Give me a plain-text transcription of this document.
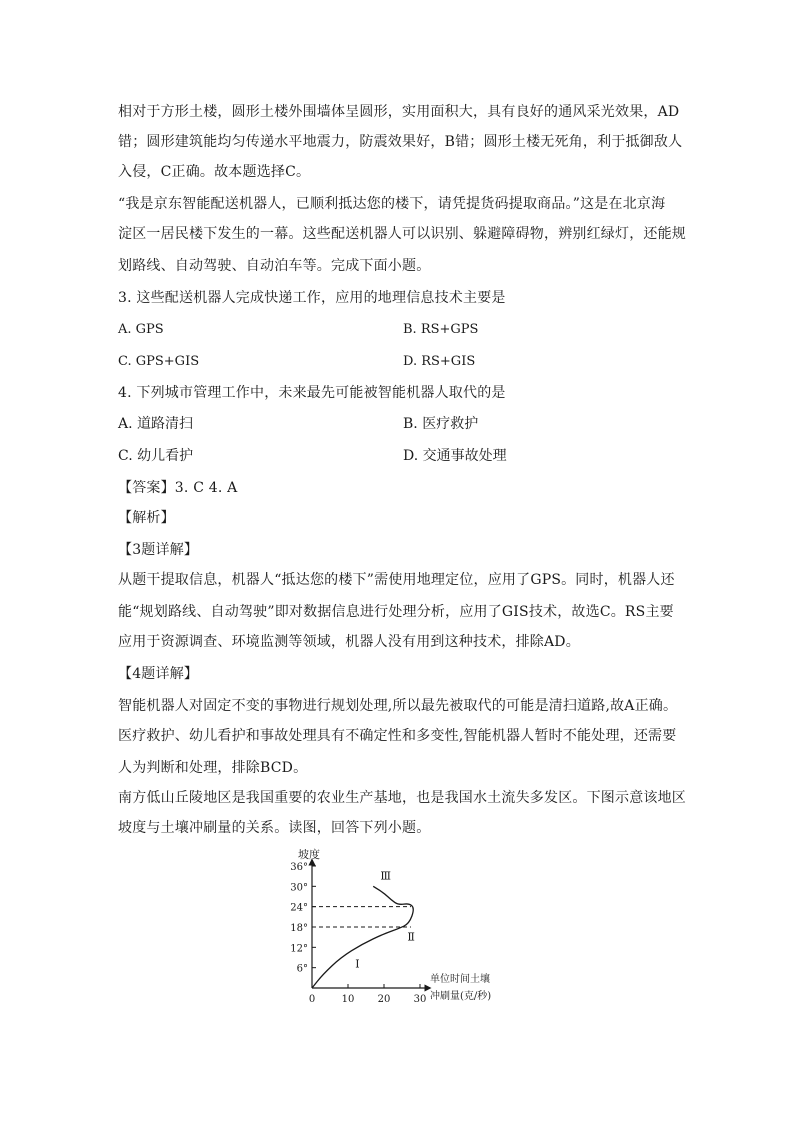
相对于方形土楼，圆形土楼外围墙体呈圆形，实用面积大，具有良好的通风采光效果，AD
错；圆形建筑能均匀传递水平地震力，防震效果好，B错；圆形土楼无死角，利于抵御敌人
入侵，C正确。故本题选择C。
“我是京东智能配送机器人，已顺利抵达您的楼下，请凭提货码提取商品。”这是在北京海
淀区一居民楼下发生的一幕。这些配送机器人可以识别、躲避障碍物，辨别红绿灯，还能规
划路线、自动驾驶、自动泊车等。完成下面小题。
3. 这些配送机器人完成快递工作，应用的地理信息技术主要是
A. GPS	B. RS+GPS
C. GPS+GIS	D. RS+GIS
4. 下列城市管理工作中，未来最先可能被智能机器人取代的是
A. 道路清扫	B. 医疗救护
C. 幼儿看护	D. 交通事故处理
【答案】3. C 4. A
【解析】
【3题详解】
从题干提取信息，机器人“抵达您的楼下”需使用地理定位，应用了GPS。同时，机器人还
能“规划路线、自动驾驶”即对数据信息进行处理分析，应用了GIS技术，故选C。RS主要
应用于资源调查、环境监测等领域，机器人没有用到这种技术，排除AD。
【4题详解】
智能机器人对固定不变的事物进行规划处理,所以最先被取代的可能是清扫道路,故A正确。
医疗救护、幼儿看护和事故处理具有不确定性和多变性,智能机器人暂时不能处理，还需要
人为判断和处理，排除BCD。
南方低山丘陵地区是我国重要的农业生产基地，也是我国水土流失多发区。下图示意该地区
坡度与土壤冲刷量的关系。读图，回答下列小题。
坡度
单位时间土壤
冲刷量(克/秒)
6°
12°
18°
24°
30°
36°
0	10 20 30
Ⅰ
Ⅱ
Ⅲ
